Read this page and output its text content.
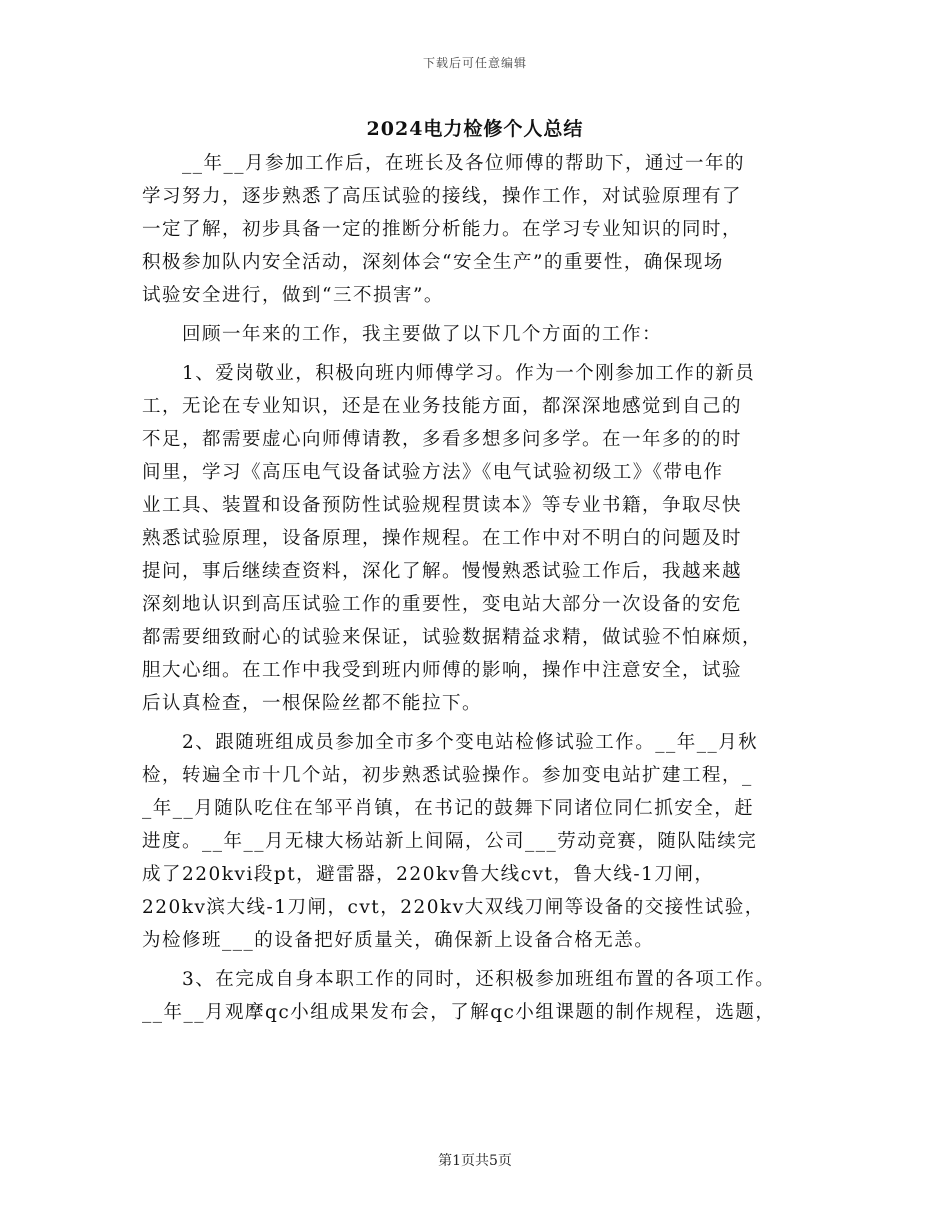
下载后可任意编辑
2024电力检修个人总结
__年__月参加工作后，在班长及各位师傅的帮助下，通过一年的
学习努力，逐步熟悉了高压试验的接线，操作工作，对试验原理有了
一定了解，初步具备一定的推断分析能力。在学习专业知识的同时，
积极参加队内安全活动，深刻体会“安全生产”的重要性，确保现场
试验安全进行，做到“三不损害”。
回顾一年来的工作，我主要做了以下几个方面的工作：
1、爱岗敬业，积极向班内师傅学习。作为一个刚参加工作的新员
工，无论在专业知识，还是在业务技能方面，都深深地感觉到自己的
不足，都需要虚心向师傅请教，多看多想多问多学。在一年多的的时
间里，学习《高压电气设备试验方法》《电气试验初级工》《带电作
业工具、装置和设备预防性试验规程贯读本》等专业书籍，争取尽快
熟悉试验原理，设备原理，操作规程。在工作中对不明白的问题及时
提问，事后继续查资料，深化了解。慢慢熟悉试验工作后，我越来越
深刻地认识到高压试验工作的重要性，变电站大部分一次设备的安危
都需要细致耐心的试验来保证，试验数据精益求精，做试验不怕麻烦，
胆大心细。在工作中我受到班内师傅的影响，操作中注意安全，试验
后认真检查，一根保险丝都不能拉下。
2、跟随班组成员参加全市多个变电站检修试验工作。__年__月秋
检，转遍全市十几个站，初步熟悉试验操作。参加变电站扩建工程，_
_年__月随队吃住在邹平肖镇，在书记的鼓舞下同诸位同仁抓安全，赶
进度。__年__月无棣大杨站新上间隔，公司___劳动竞赛，随队陆续完
成了220kvⅰ段pt，避雷器，220kv鲁大线cvt，鲁大线-1刀闸，
220kv滨大线-1刀闸，cvt，220kv大双线刀闸等设备的交接性试验，
为检修班___的设备把好质量关，确保新上设备合格无恙。
3、在完成自身本职工作的同时，还积极参加班组布置的各项工作。
__年__月观摩qc小组成果发布会，了解qc小组课题的制作规程，选题，
第1页共5页
